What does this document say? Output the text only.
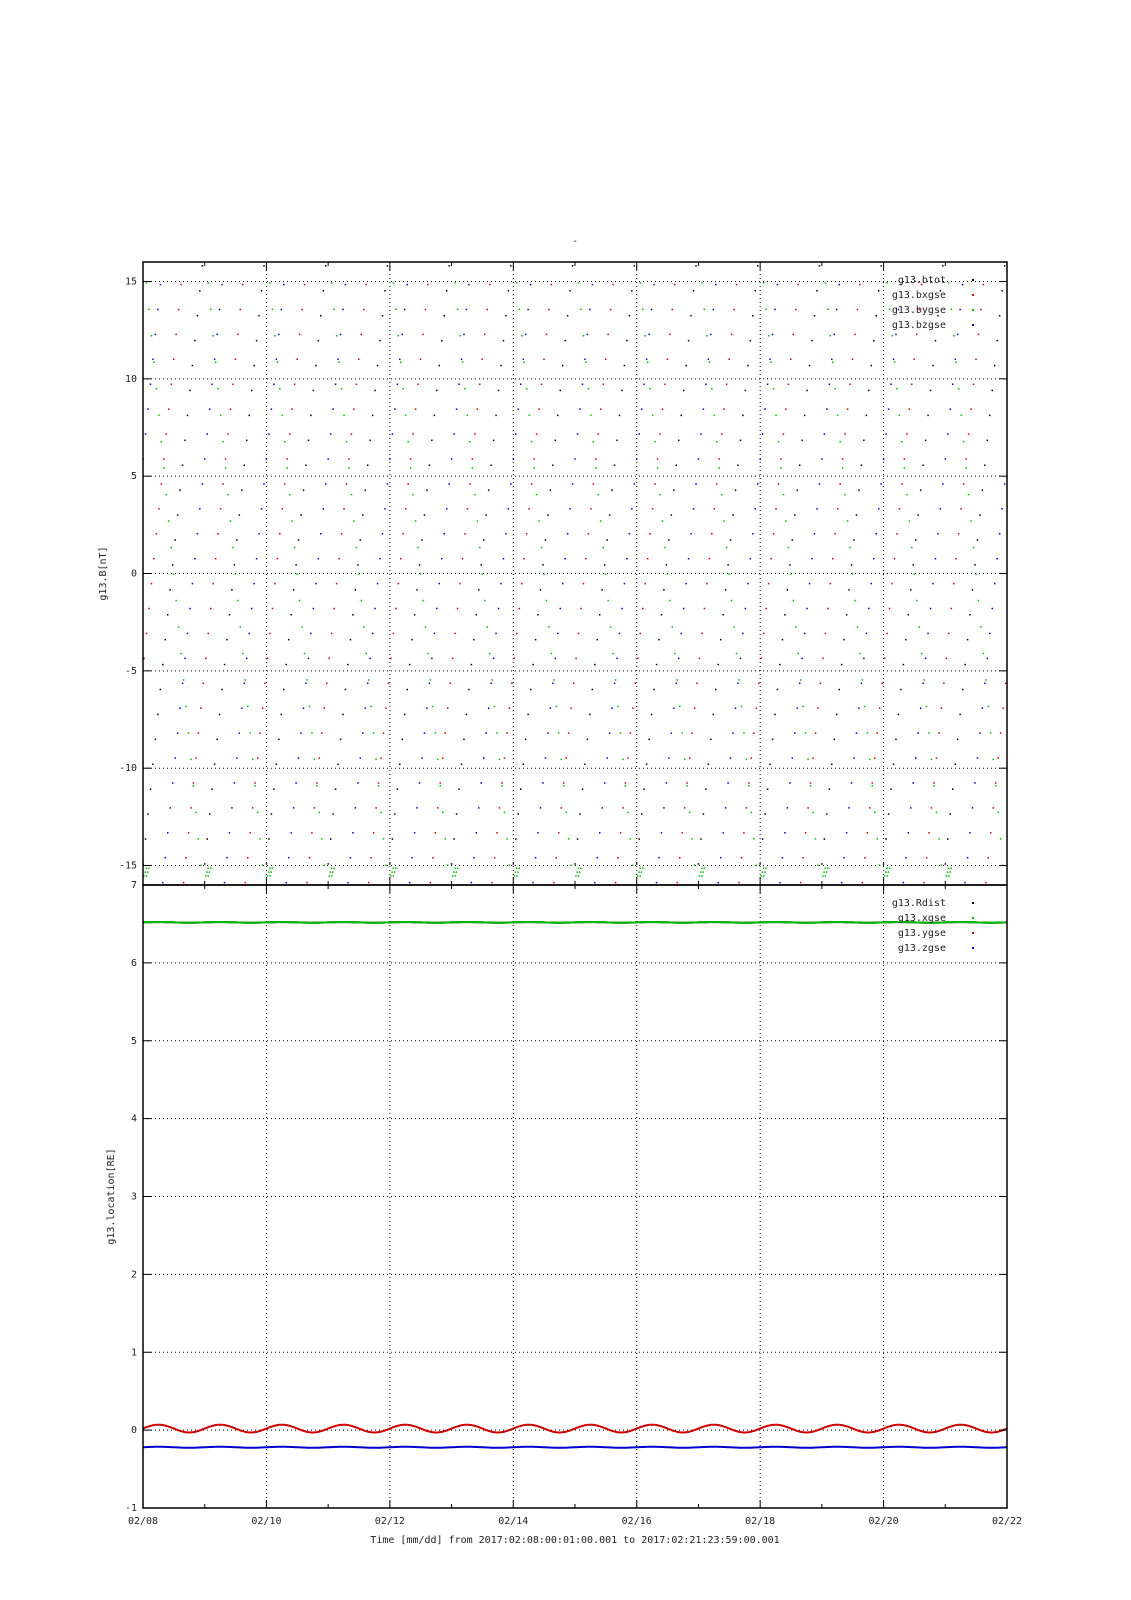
-
15
10
5
0
-5
-10
-15
g13.B[nT]
g13.btot
g13.bxgse
g13.bygse
g13.bzgse
7
6
5
4
3
2
1
0
-1
g13.location[RE]
g13.Rdist
g13.xgse
g13.ygse
g13.zgse
Time [mm/dd] from 2017:02:08:00:01:00.001 to 2017:02:21:23:59:00.001
02/08	02/10	02/12	02/14	02/16	02/18	02/20	02/22
